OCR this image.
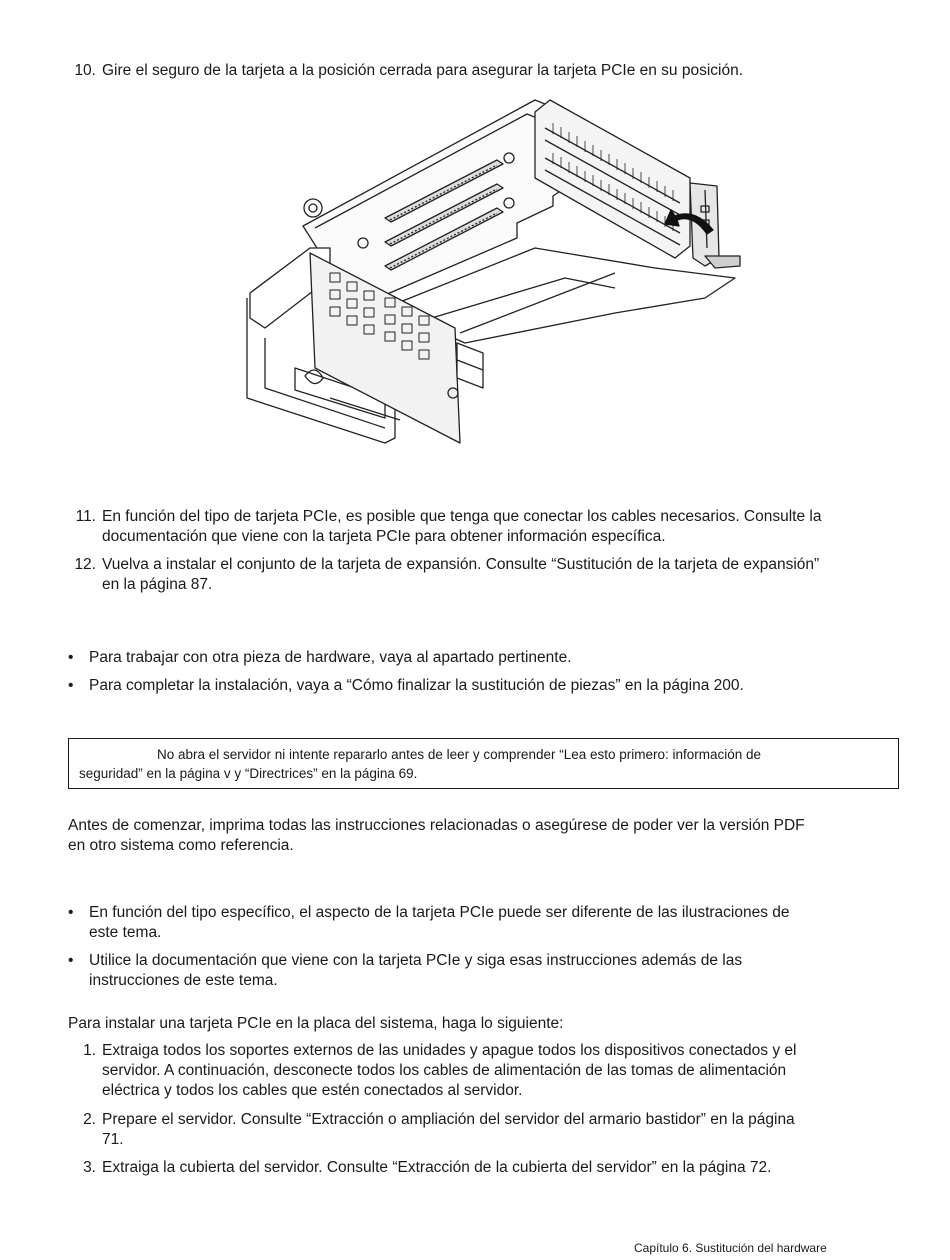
10. Gire el seguro de la tarjeta a la posición cerrada para asegurar la tarjeta PCIe en su posición.
11. En función del tipo de tarjeta PCIe, es posible que tenga que conectar los cables necesarios. Consulte la
documentación que viene con la tarjeta PCIe para obtener información específica.
12. Vuelva a instalar el conjunto de la tarjeta de expansión. Consulte “Sustitución de la tarjeta de expansión”
en la página 87.
• Para trabajar con otra pieza de hardware, vaya al apartado pertinente.
• Para completar la instalación, vaya a “Cómo finalizar la sustitución de piezas” en la página 200.
No abra el servidor ni intente repararlo antes de leer y comprender “Lea esto primero: información de
seguridad” en la página v y “Directrices” en la página 69.
Antes de comenzar, imprima todas las instrucciones relacionadas o asegúrese de poder ver la versión PDF
en otro sistema como referencia.
• En función del tipo específico, el aspecto de la tarjeta PCIe puede ser diferente de las ilustraciones de
este tema.
• Utilice la documentación que viene con la tarjeta PCIe y siga esas instrucciones además de las
instrucciones de este tema.
Para instalar una tarjeta PCIe en la placa del sistema, haga lo siguiente:
1. Extraiga todos los soportes externos de las unidades y apague todos los dispositivos conectados y el
servidor. A continuación, desconecte todos los cables de alimentación de las tomas de alimentación
eléctrica y todos los cables que estén conectados al servidor.
2. Prepare el servidor. Consulte “Extracción o ampliación del servidor del armario bastidor” en la página
71.
3. Extraiga la cubierta del servidor. Consulte “Extracción de la cubierta del servidor” en la página 72.
Capítulo 6. Sustitución del hardware
